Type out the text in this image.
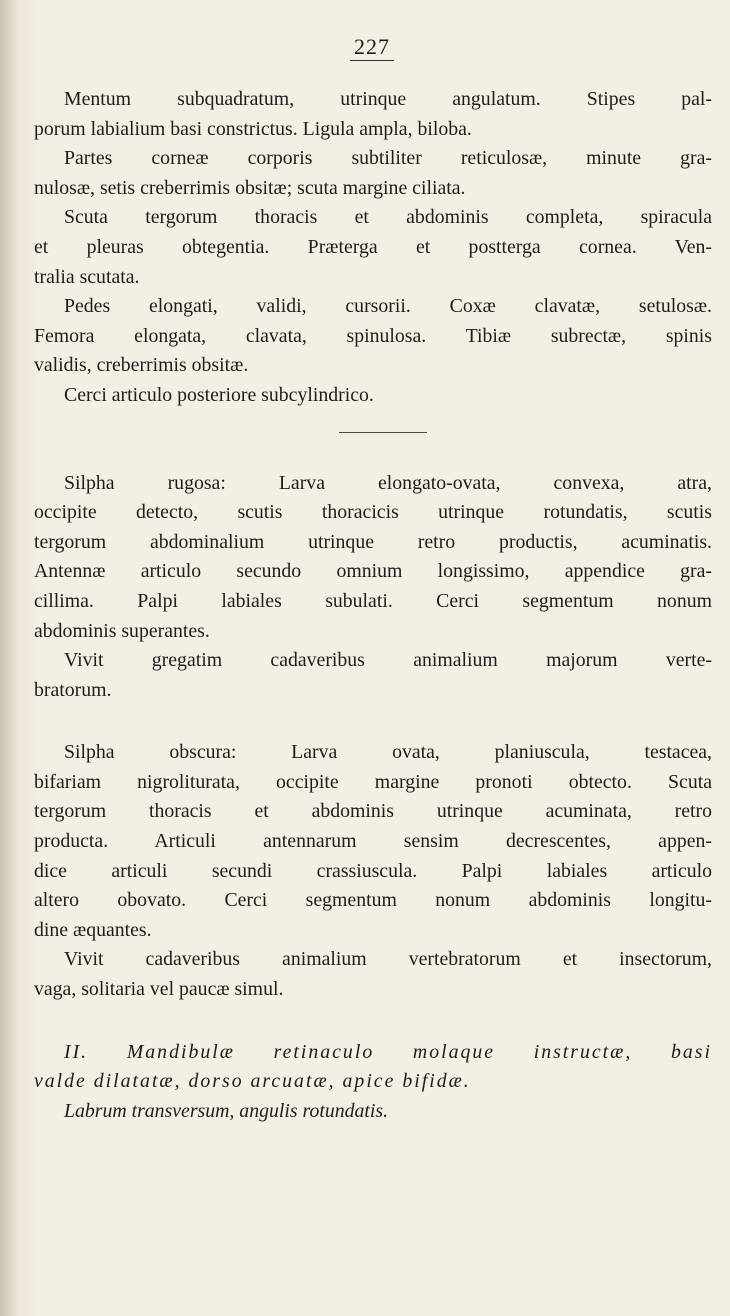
227
Mentum subquadratum, utrinque angulatum. Stipes pal-
porum labialium basi constrictus. Ligula ampla, biloba.
Partes corneæ corporis subtiliter reticulosæ, minute gra-
nulosæ, setis creberrimis obsitæ; scuta margine ciliata.
Scuta tergorum thoracis et abdominis completa, spiracula
et pleuras obtegentia. Præterga et postterga cornea. Ven-
tralia scutata.
Pedes elongati, validi, cursorii. Coxæ clavatæ, setulosæ.
Femora elongata, clavata, spinulosa. Tibiæ subrectæ, spinis
validis, creberrimis obsitæ.
Cerci articulo posteriore subcylindrico.
Silpha rugosa: Larva elongato-ovata, convexa, atra,
occipite detecto, scutis thoracicis utrinque rotundatis, scutis
tergorum abdominalium utrinque retro productis, acuminatis.
Antennæ articulo secundo omnium longissimo, appendice gra-
cillima. Palpi labiales subulati. Cerci segmentum nonum
abdominis superantes.
Vivit gregatim cadaveribus animalium majorum verte-
bratorum.
Silpha obscura: Larva ovata, planiuscula, testacea,
bifariam nigroliturata, occipite margine pronoti obtecto. Scuta
tergorum thoracis et abdominis utrinque acuminata, retro
producta. Articuli antennarum sensim decrescentes, appen-
dice articuli secundi crassiuscula. Palpi labiales articulo
altero obovato. Cerci segmentum nonum abdominis longitu-
dine æquantes.
Vivit cadaveribus animalium vertebratorum et insectorum,
vaga, solitaria vel paucæ simul.
II. Mandibulæ retinaculo molaque instructæ, basi
valde dilatatæ, dorso arcuatæ, apice bifidæ.
Labrum transversum, angulis rotundatis.
